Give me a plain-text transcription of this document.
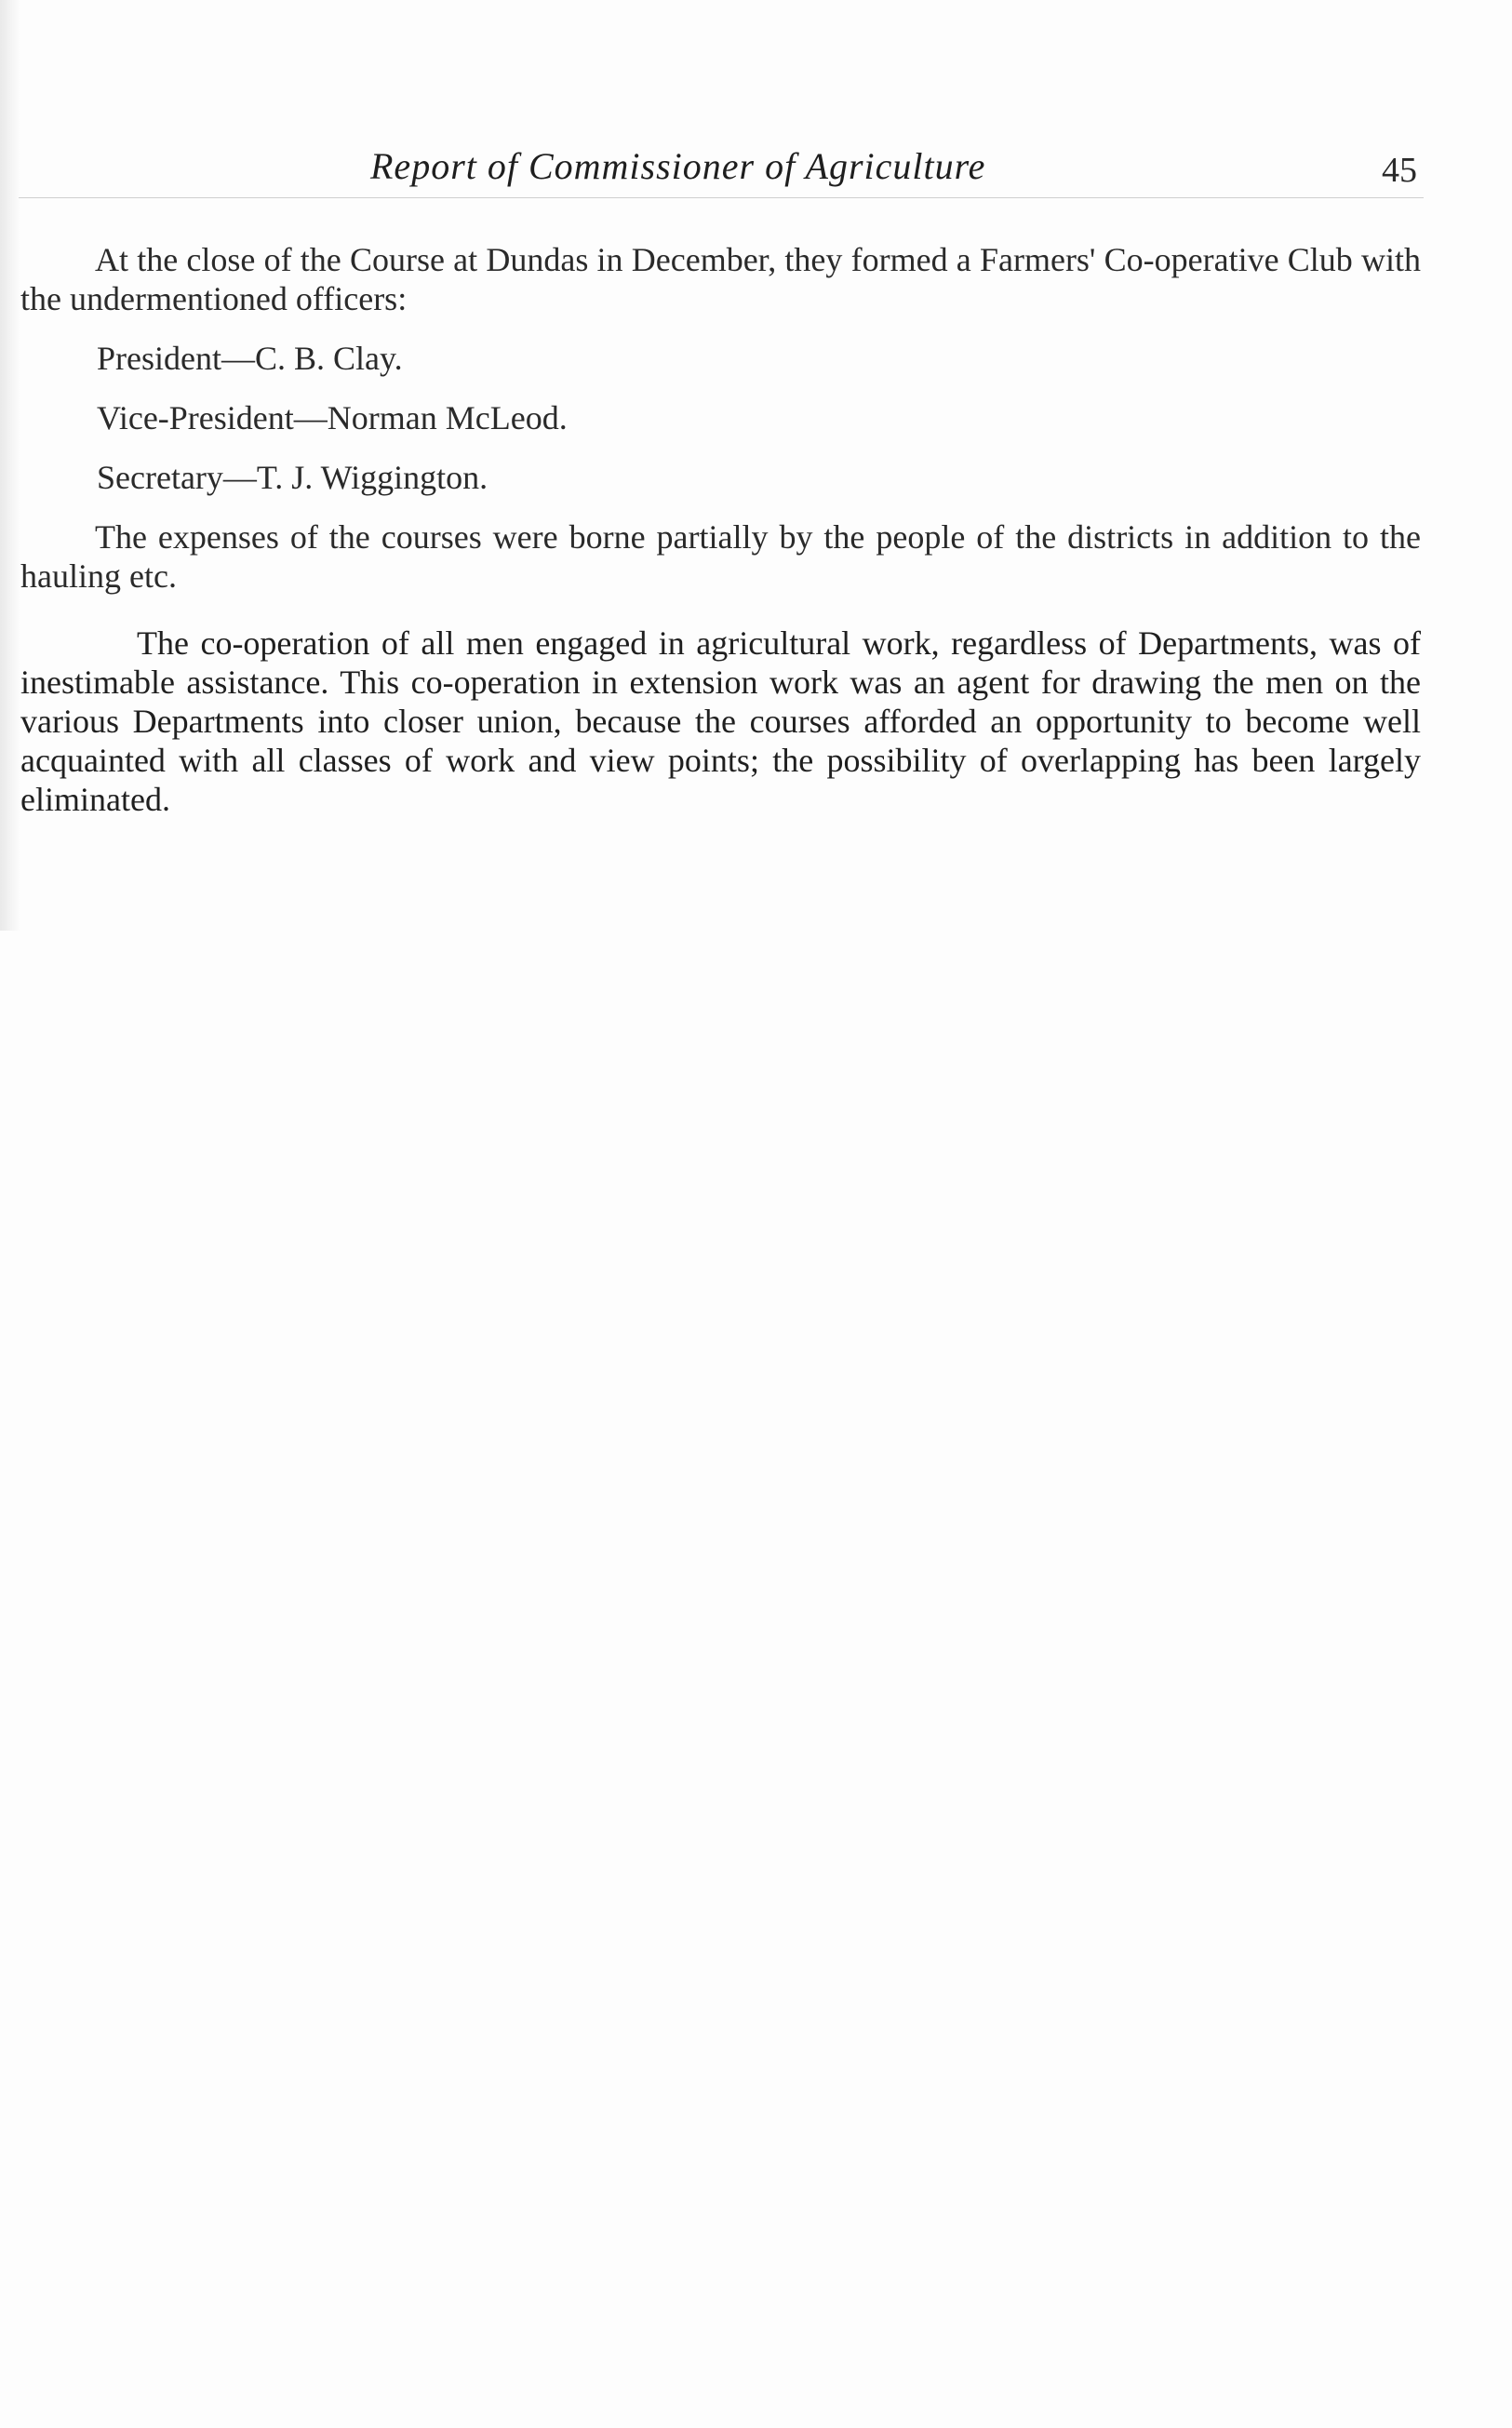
Report of Commissioner of Agriculture	45

At the close of the Course at Dundas in December, they formed a Farmers' Co-operative Club with the undermentioned officers:

President—C. B. Clay.
Vice-President—Norman McLeod.
Secretary—T. J. Wiggington.

The expenses of the courses were borne partially by the people of the districts in addition to the hauling etc.

The co-operation of all men engaged in agricultural work, regardless of Departments, was of inestimable assistance. This co-operation in extension work was an agent for drawing the men on the various Departments into closer union, because the courses afforded an opportunity to become well acquainted with all classes of work and view points; the possibility of overlapping has been largely eliminated.
